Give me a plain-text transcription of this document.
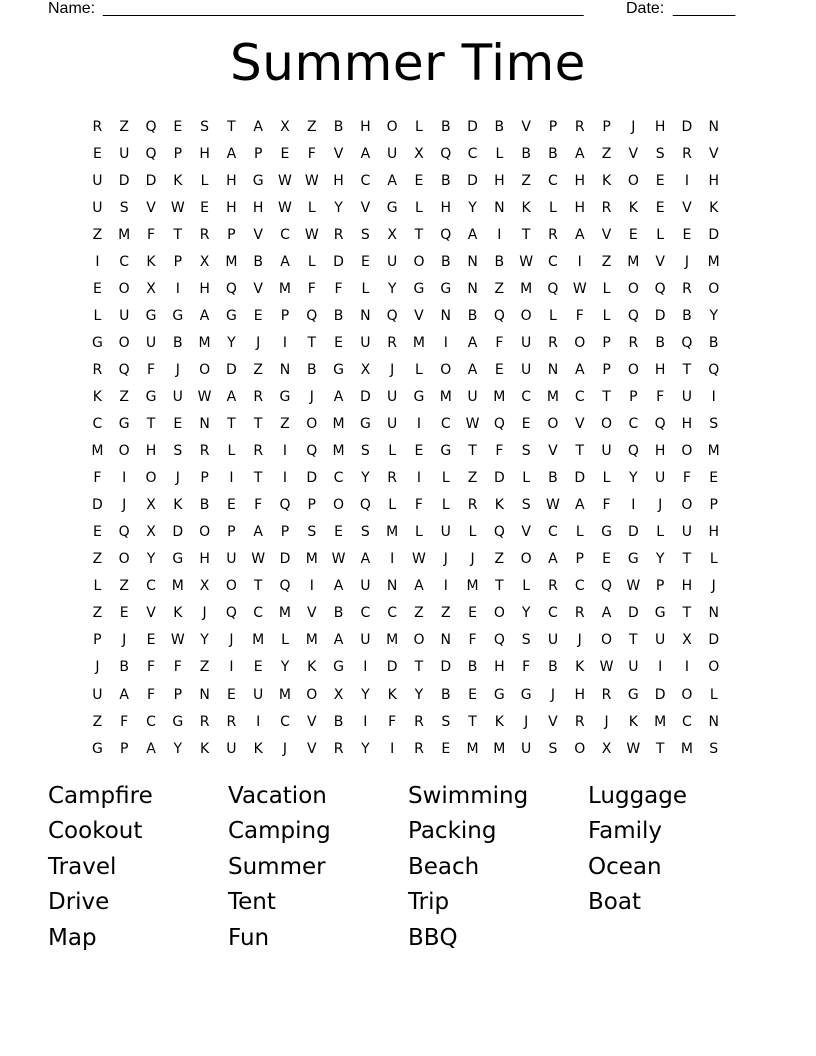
Name: ______________________________________________________	Date: _______
Summer Time
R	Z	Q	E	S	T	A	X	Z	B	H	O	L	B	D	B	V	P	R	P	J	H	D	N
E	U	Q	P	H	A	P	E	F	V	A	U	X	Q	C	L	B	B	A	Z	V	S	R	V
U	D	D	K	L	H	G	W W	H	C	A	E	B	D	H	Z	C	H	K	O	E	I	H
U	S	V	W	E	H	H	W	L	Y	V	G	L	H	Y	N	K	L	H	R	K	E	V	K
Z	M	F	T	R	P	V	C	W	R	S	X	T	Q	A	I	T	R	A	V	E	L	E	D
I	C	K	P	X	M	B	A	L	D	E	U	O	B	N	B	W	C	I	Z	M	V	J	M
E	O	X	I	H	Q	V	M	F	F	L	Y	G	G	N	Z	M	Q	W	L	O	Q	R	O
L	U	G	G	A	G	E	P	Q	B	N	Q	V	N	B	Q	O	L	F	L	Q	D	B	Y
G	O	U	B	M	Y	J	I	T	E	U	R	M	I	A	F	U	R	O	P	R	B	Q	B
R	Q	F	J	O	D	Z	N	B	G	X	J	L	O	A	E	U	N	A	P	O	H	T	Q
K	Z	G	U	W	A	R	G	J	A	D	U	G	M	U	M	C	M	C	T	P	F	U	I
C	G	T	E	N	T	T	Z	O	M	G	U	I	C	W	Q	E	O	V	O	C	Q	H	S
M	O	H	S	R	L	R	I	Q	M	S	L	E	G	T	F	S	V	T	U	Q	H	O	M
F	I	O	J	P	I	T	I	D	C	Y	R	I	L	Z	D	L	B	D	L	Y	U	F	E
D	J	X	K	B	E	F	Q	P	O	Q	L	F	L	R	K	S	W	A	F	I	J	O	P
E	Q	X	D	O	P	A	P	S	E	S	M	L	U	L	Q	V	C	L	G	D	L	U	H
Z	O	Y	G	H	U	W	D	M W	A	I	W	J	J	Z	O	A	P	E	G	Y	T	L
L	Z	C	M	X	O	T	Q	I	A	U	N	A	I	M	T	L	R	C	Q	W	P	H	J
Z	E	V	K	J	Q	C	M	V	B	C	C	Z	Z	E	O	Y	C	R	A	D	G	T	N
P	J	E	W	Y	J	M	L	M	A	U	M	O	N	F	Q	S	U	J	O	T	U	X	D
J	B	F	F	Z	I	E	Y	K	G	I	D	T	D	B	H	F	B	K	W	U	I	I	O
U	A	F	P	N	E	U	M	O	X	Y	K	Y	B	E	G	G	J	H	R	G	D	O	L
Z	F	C	G	R	R	I	C	V	B	I	F	R	S	T	K	J	V	R	J	K	M	C	N
G	P	A	Y	K	U	K	J	V	R	Y	I	R	E	M	M	U	S	O	X	W	T	M	S
Campfire	Vacation	Swimming	Luggage
Cookout	Camping	Packing	Family
Travel	Summer	Beach	Ocean
Drive	Tent	Trip	Boat
Map	Fun	BBQ
